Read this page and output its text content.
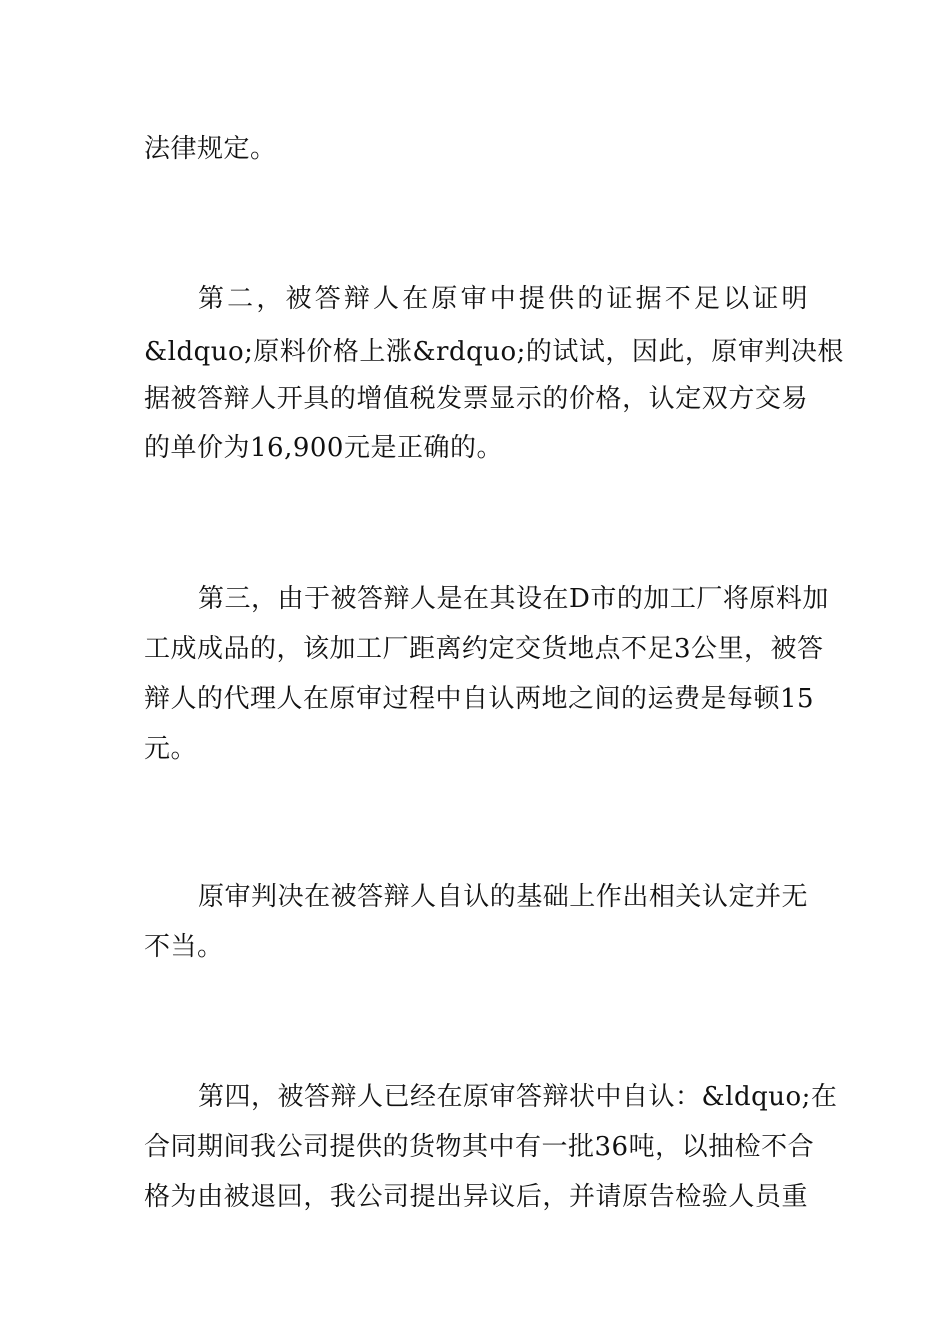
法律规定。
第二，被答辩人在原审中提供的证据不足以证明
&ldquo;原料价格上涨&rdquo;的试试，因此，原审判决根
据被答辩人开具的增值税发票显示的价格，认定双方交易
的单价为16,900元是正确的。
第三，由于被答辩人是在其设在D市的加工厂将原料加
工成成品的，该加工厂距离约定交货地点不足3公里，被答
辩人的代理人在原审过程中自认两地之间的运费是每顿15
元。
原审判决在被答辩人自认的基础上作出相关认定并无
不当。
第四，被答辩人已经在原审答辩状中自认：&ldquo;在
合同期间我公司提供的货物其中有一批36吨，以抽检不合
格为由被退回，我公司提出异议后，并请原告检验人员重
